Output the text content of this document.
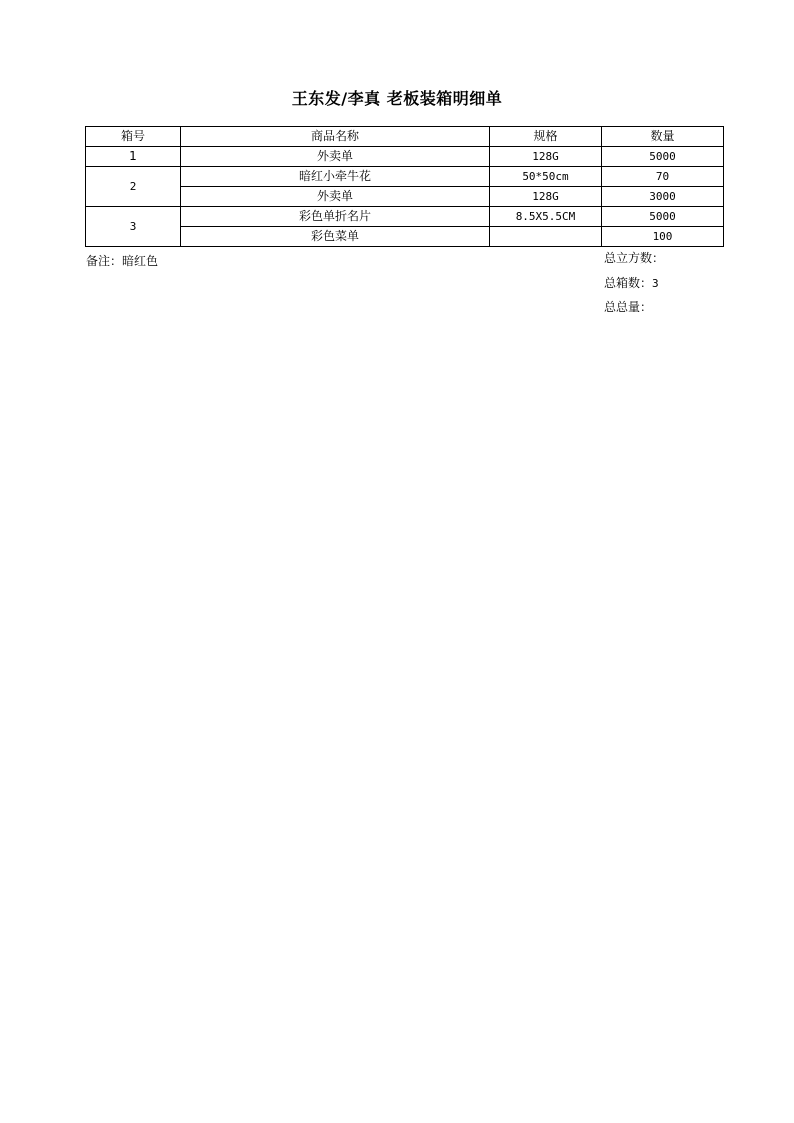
王东发/李真 老板装箱明细单
箱号	商品名称	规格	数量
1	外卖单	128G	5000
2	暗红小牵牛花	50*50cm	70
	外卖单	128G	3000
3	彩色单折名片	8.5X5.5CM	5000
	彩色菜单		100
备注：暗红色	总立方数：
总箱数：3
总总量：
